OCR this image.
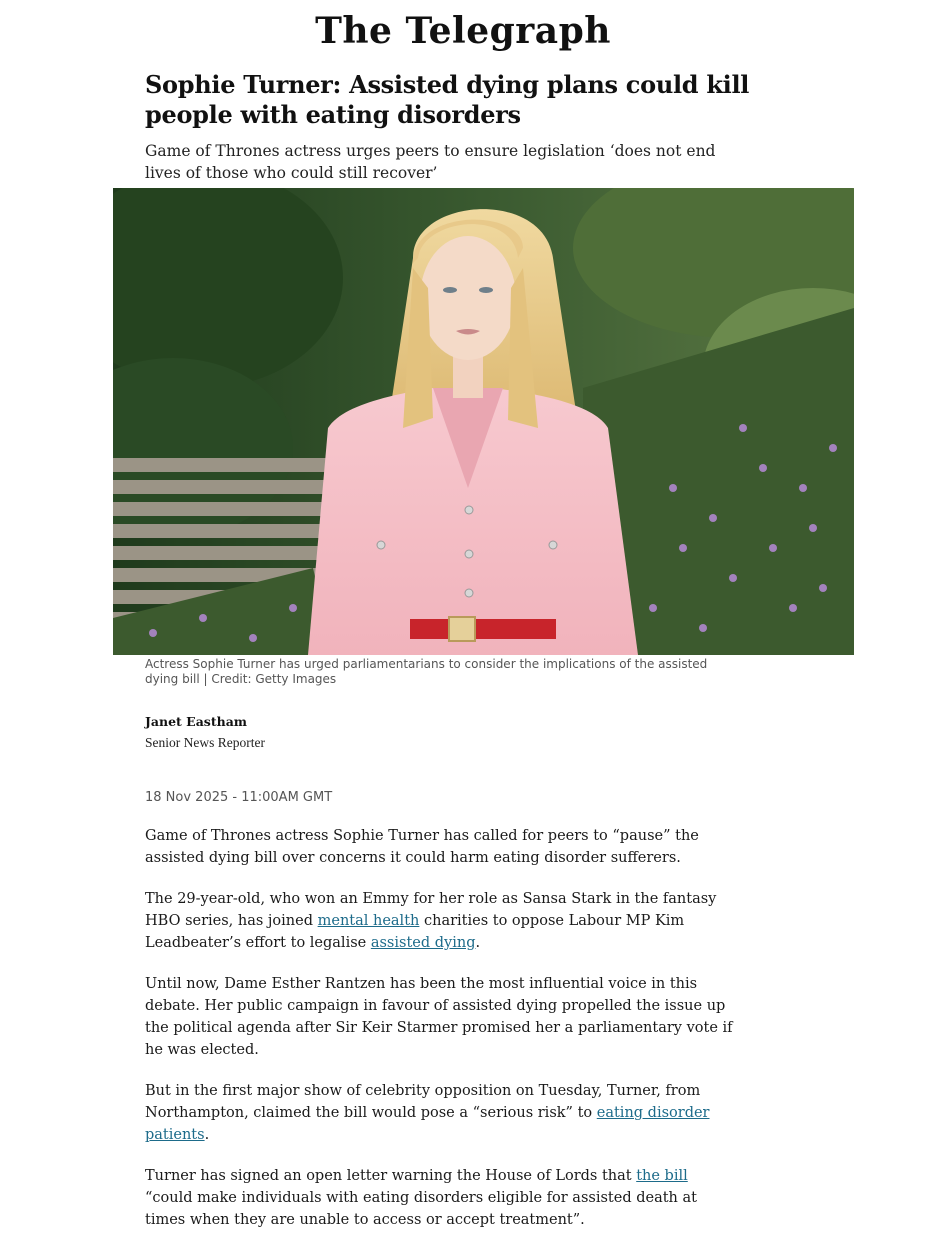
The Telegraph
Sophie Turner: Assisted dying plans could kill people with eating disorders

Game of Thrones actress urges peers to ensure legislation ‘does not end lives of those who could still recover’

Actress Sophie Turner has urged parliamentarians to consider the implications of the assisted dying bill | Credit: Getty Images

Janet Eastham

Senior News Reporter

18 Nov 2025 - 11:00AM GMT

Game of Thrones actress Sophie Turner has called for peers to “pause” the assisted dying bill over concerns it could harm eating disorder sufferers.

The 29-year-old, who won an Emmy for her role as Sansa Stark in the fantasy HBO series, has joined mental health charities to oppose Labour MP Kim Leadbeater’s effort to legalise assisted dying.

Until now, Dame Esther Rantzen has been the most influential voice in this debate. Her public campaign in favour of assisted dying propelled the issue up the political agenda after Sir Keir Starmer promised her a parliamentary vote if he was elected.

But in the first major show of celebrity opposition on Tuesday, Turner, from Northampton, claimed the bill would pose a “serious risk” to eating disorder patients.

Turner has signed an open letter warning the House of Lords that the bill “could make individuals with eating disorders eligible for assisted death at times when they are unable to access or accept treatment”.
